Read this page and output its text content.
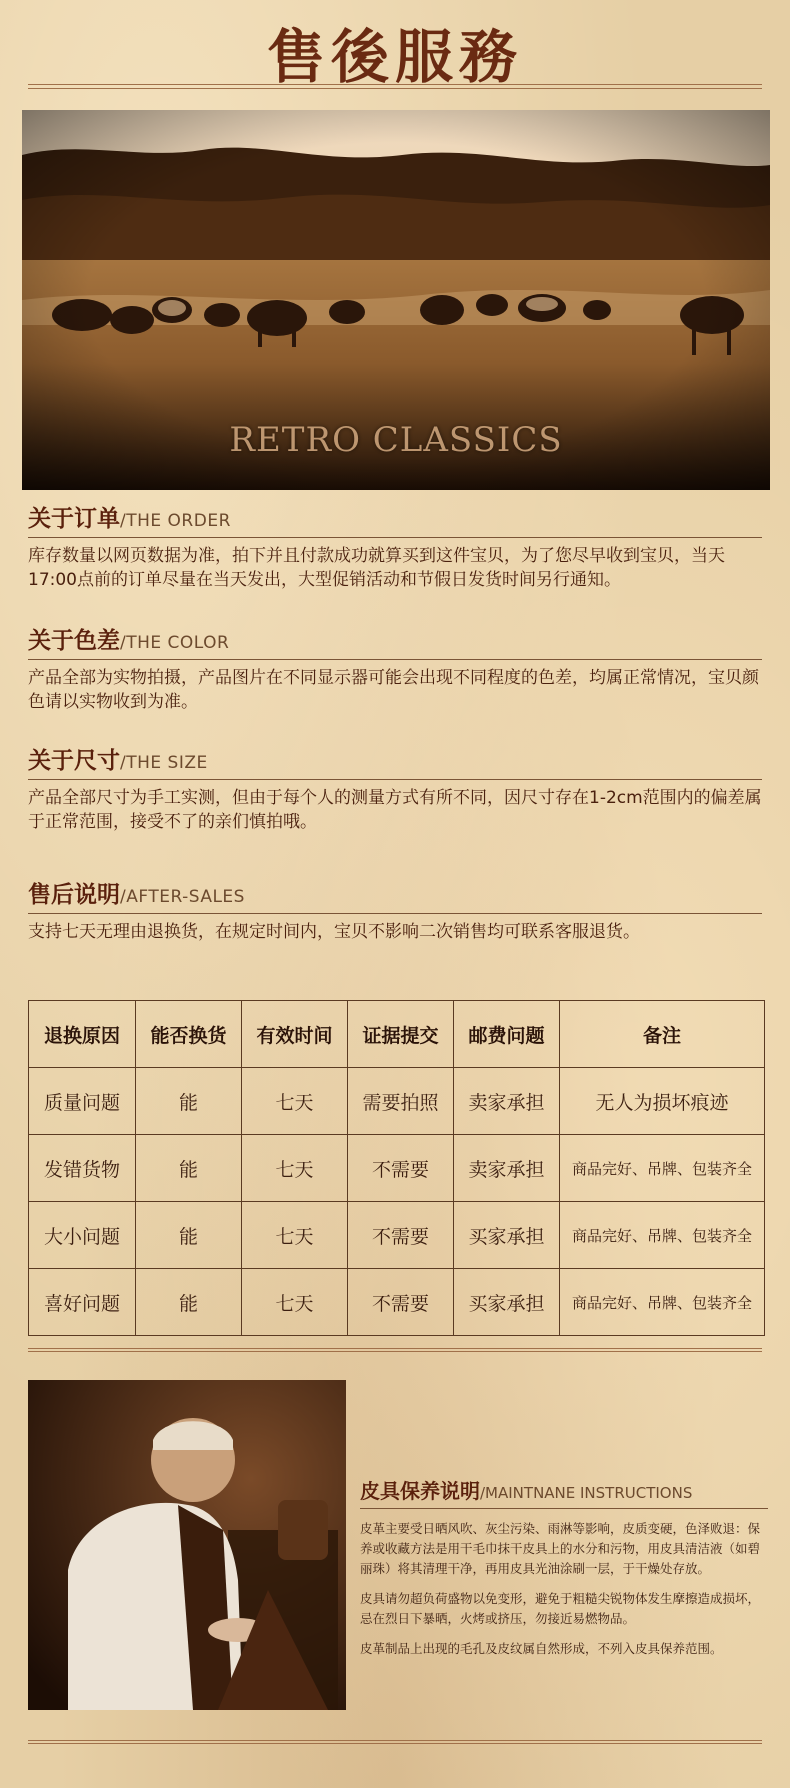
售後服務
RETRO CLASSICS
关于订单 /THE ORDER
库存数量以网页数据为准，拍下并且付款成功就算买到这件宝贝，为了您尽早收到宝贝，当天17:00点前的订单尽量在当天发出，大型促销活动和节假日发货时间另行通知。
关于色差 /THE COLOR
产品全部为实物拍摄，产品图片在不同显示器可能会出现不同程度的色差，均属正常情况，宝贝颜色请以实物收到为准。
关于尺寸 /THE SIZE
产品全部尺寸为手工实测，但由于每个人的测量方式有所不同，因尺寸存在1-2cm范围内的偏差属于正常范围，接受不了的亲们慎拍哦。
售后说明 /AFTER-SALES
支持七天无理由退换货，在规定时间内，宝贝不影响二次销售均可联系客服退货。
退换原因	能否换货	有效时间	证据提交	邮费问题	备注
质量问题	能	七天	需要拍照	卖家承担	无人为损坏痕迹
发错货物	能	七天	不需要	卖家承担	商品完好、吊牌、包装齐全
大小问题	能	七天	不需要	买家承担	商品完好、吊牌、包装齐全
喜好问题	能	七天	不需要	买家承担	商品完好、吊牌、包装齐全
皮具保养说明 /MAINTNANE INSTRUCTIONS

皮革主要受日晒风吹、灰尘污染、雨淋等影响，皮质变硬，色泽败退：保养或收藏方法是用干毛巾抹干皮具上的水分和污物，用皮具清洁液（如碧丽珠）将其清理干净，再用皮具光油涂刷一层，于干燥处存放。

皮具请勿超负荷盛物以免变形，避免于粗糙尖锐物体发生摩擦造成损坏，忌在烈日下暴晒，火烤或挤压，勿接近易燃物品。

皮革制品上出现的毛孔及皮纹属自然形成，不列入皮具保养范围。
